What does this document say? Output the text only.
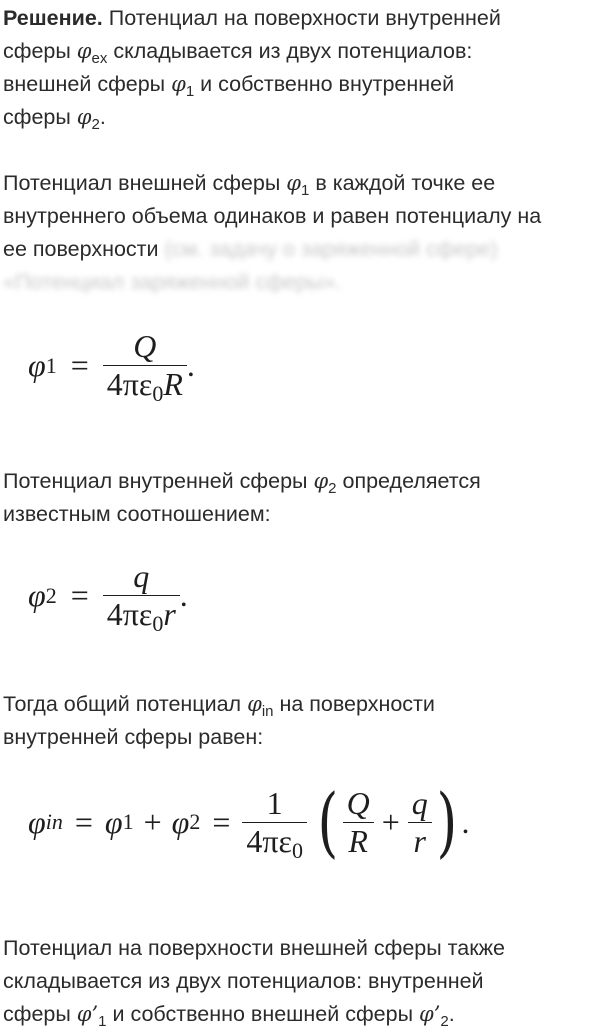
Решение. Потенциал на поверхности внутренней
сферы $\varphi_{ex}$ складывается из двух потенциалов:
внешней сферы $\varphi_1$ и собственно внутренней
сферы $\varphi_2$.
Потенциал внешней сферы $\varphi_1$ в каждой точке ее
внутреннего объема одинаков и равен потенциалу на
ее поверхности (см. задачу о заряженной сфере)
«Потенциал заряженной сферы».
φ $1 = \frac{Q}{4\pi\varepsilon_0R}$ .
Потенциал внутренней сферы $\varphi_2$ определяется
известным соотношением:
φ $2 = \frac{q}{4\pi\varepsilon_0r}$ .
Тогда общий потенциал $\varphi_{in}$ на поверхности
внутренней сферы равен:
φ in = φ 1 + φ $2 = \frac{1}{4\pi\varepsilon_0}$ ( $\frac{Q}{R} + \frac{q}{r}$ ) .
Потенциал на поверхности внешней сферы также
складывается из двух потенциалов: внутренней
сферы $\varphi’_1$ и собственно внешней сферы $\varphi’_2$.
